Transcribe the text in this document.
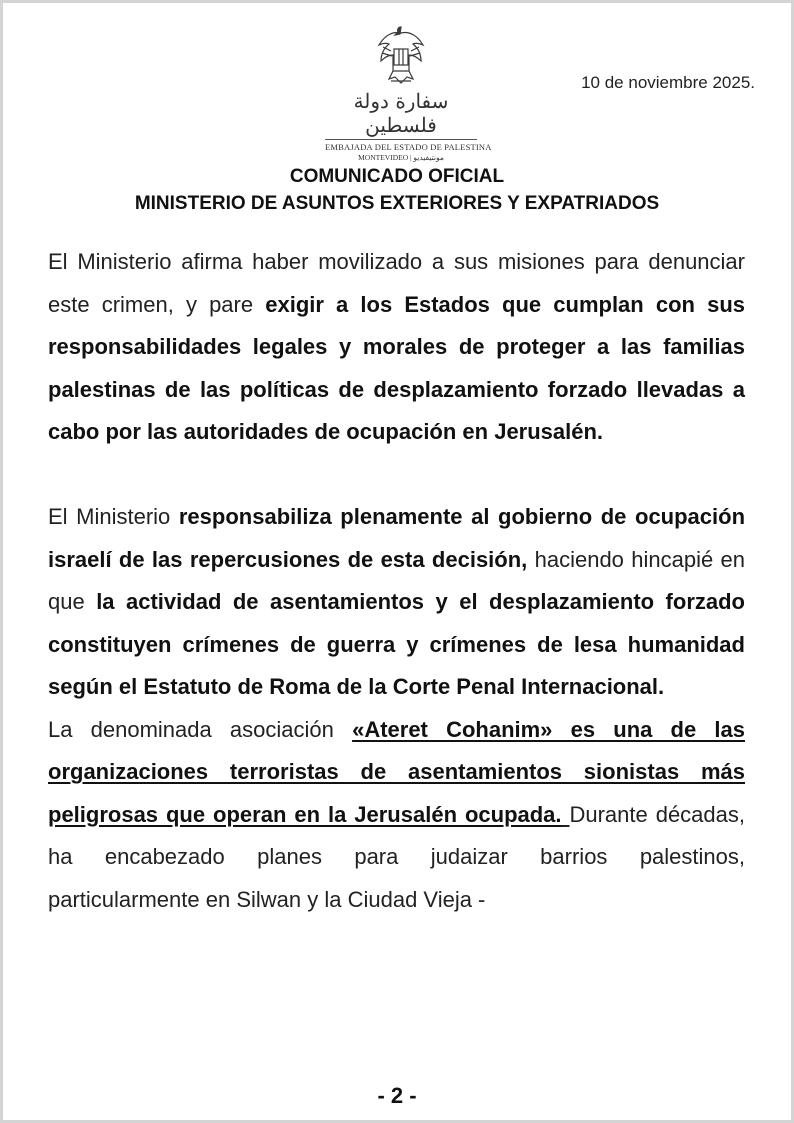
سفارة دولة فلسطين
EMBAJADA DEL ESTADO DE PALESTINA
MONTEVIDEO | مونتيفيديو
10 de noviembre 2025.
COMUNICADO OFICIAL
MINISTERIO DE ASUNTOS EXTERIORES Y EXPATRIADOS

El Ministerio afirma haber movilizado a sus misiones para denunciar este crimen, y pare exigir a los Estados que cumplan con sus responsabilidades legales y morales de proteger a las familias palestinas de las políticas de desplazamiento forzado llevadas a cabo por las autoridades de ocupación en Jerusalén.

El Ministerio responsabiliza plenamente al gobierno de ocupación israelí de las repercusiones de esta decisión, haciendo hincapié en que la actividad de asentamientos y el desplazamiento forzado constituyen crímenes de guerra y crímenes de lesa humanidad según el Estatuto de Roma de la Corte Penal Internacional.

La denominada asociación «Ateret Cohanim» es una de las organizaciones terroristas de asentamientos sionistas más peligrosas que operan en la Jerusalén ocupada. Durante décadas, ha encabezado planes para judaizar barrios palestinos, particularmente en Silwan y la Ciudad Vieja -

- 2 -
